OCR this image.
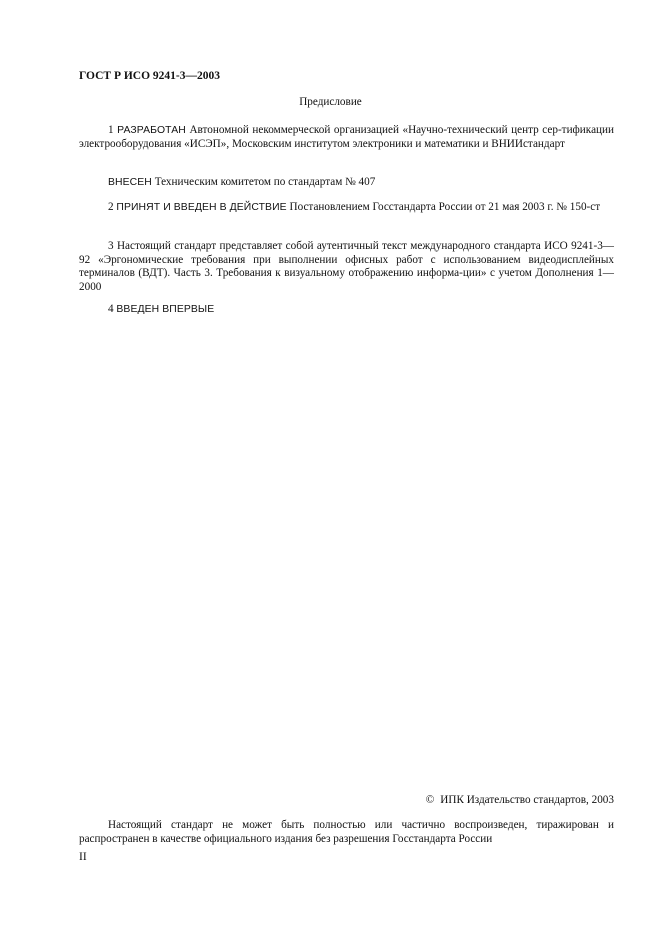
ГОСТ Р ИСО 9241-3—2003
Предисловие

1 РАЗРАБОТАН Автономной некоммерческой организацией «Научно-технический центр сер-тификации электрооборудования «ИСЭП», Московским институтом электроники и математики и ВНИИстандарт

ВНЕСЕН Техническим комитетом по стандартам № 407

2 ПРИНЯТ И ВВЕДЕН В ДЕЙСТВИЕ Постановлением Госстандарта России от 21 мая 2003 г. № 150-ст

3 Настоящий стандарт представляет собой аутентичный текст международного стандарта ИСО 9241-3—92 «Эргономические требования при выполнении офисных работ с использованием видеодисплейных терминалов (ВДТ). Часть 3. Требования к визуальному отображению информа-ции» с учетом Дополнения 1—2000

4 ВВЕДЕН ВПЕРВЫЕ

© ИПК Издательство стандартов, 2003

Настоящий стандарт не может быть полностью или частично воспроизведен, тиражирован и распространен в качестве официального издания без разрешения Госстандарта России

II
